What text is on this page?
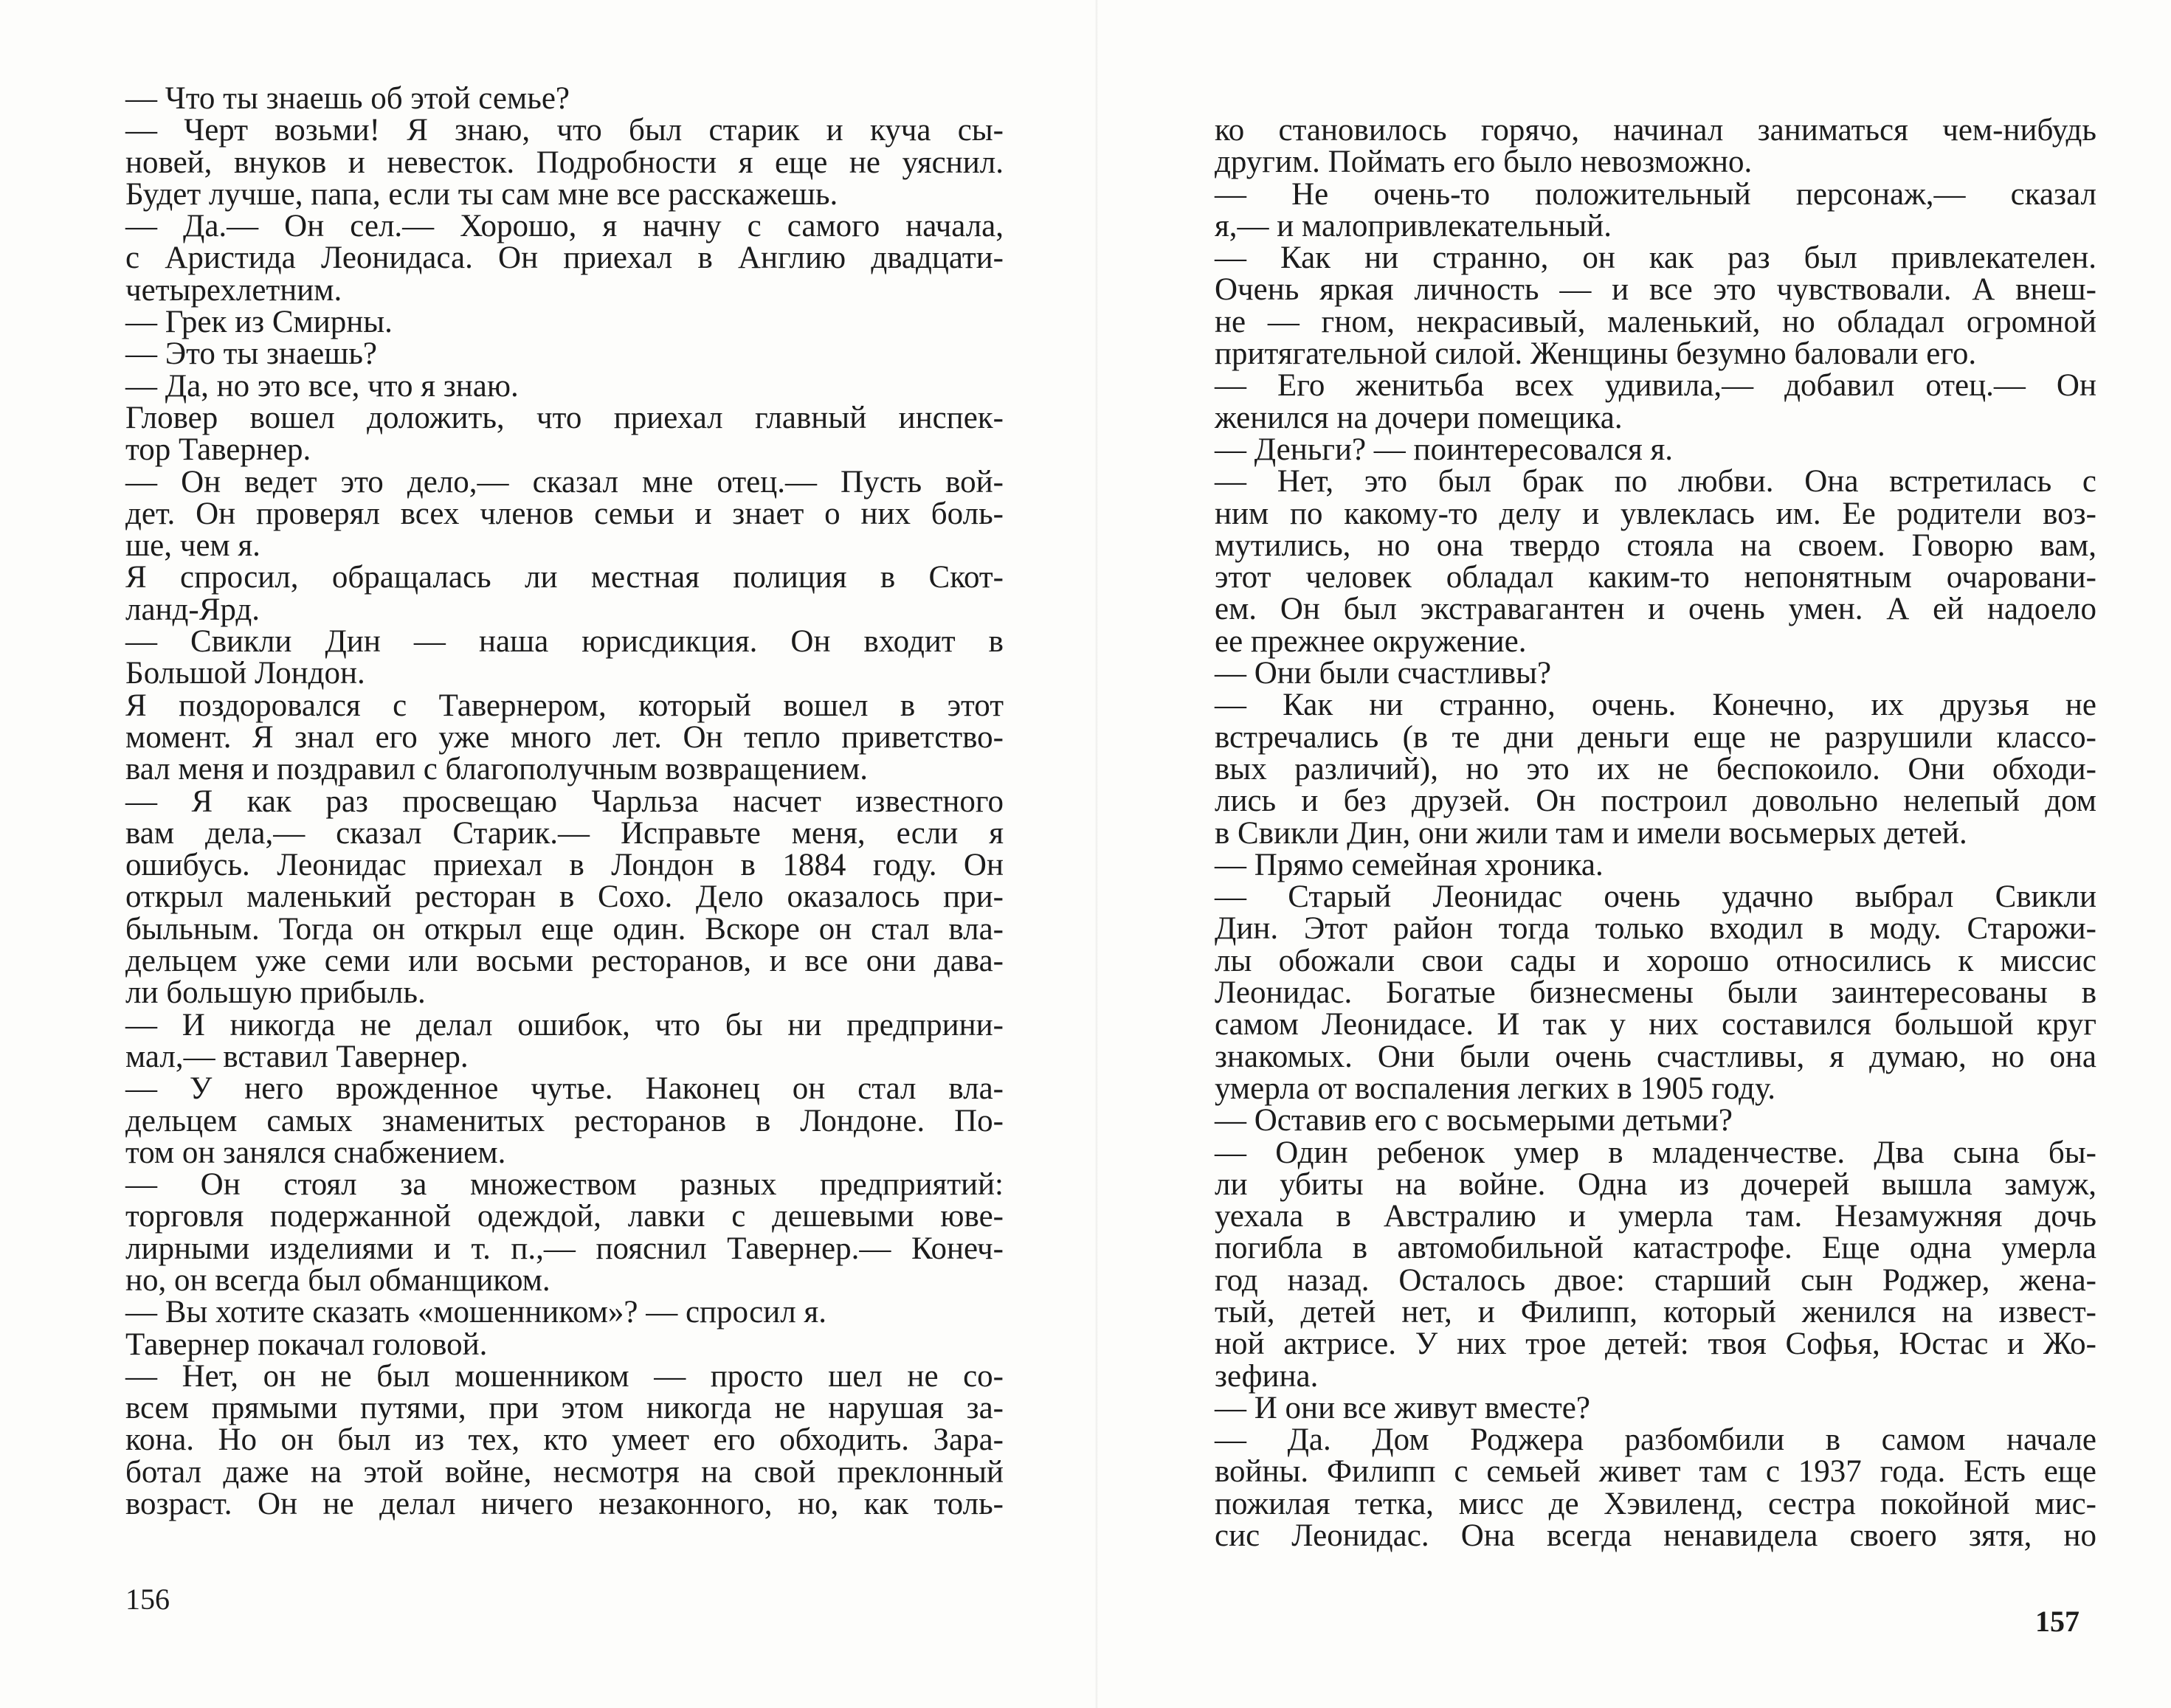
— Что ты знаешь об этой семье?
— Черт возьми! Я знаю, что был старик и куча сы-
новей, внуков и невесток. Подробности я еще не уяснил.
Будет лучше, папа, если ты сам мне все расскажешь.
— Да.— Он сел.— Хорошо, я начну с самого начала,
с Аристида Леонидаса. Он приехал в Англию двадцати-
четырехлетним.
— Грек из Смирны.
— Это ты знаешь?
— Да, но это все, что я знаю.
Гловер вошел доложить, что приехал главный инспек-
тор Тавернер.
— Он ведет это дело,— сказал мне отец.— Пусть вой-
дет. Он проверял всех членов семьи и знает о них боль-
ше, чем я.
Я спросил, обращалась ли местная полиция в Скот-
ланд-Ярд.
— Свикли Дин — наша юрисдикция. Он входит в
Большой Лондон.
Я поздоровался с Тавернером, который вошел в этот
момент. Я знал его уже много лет. Он тепло приветство-
вал меня и поздравил с благополучным возвращением.
— Я как раз просвещаю Чарльза насчет известного
вам дела,— сказал Старик.— Исправьте меня, если я
ошибусь. Леонидас приехал в Лондон в 1884 году. Он
открыл маленький ресторан в Сохо. Дело оказалось при-
быльным. Тогда он открыл еще один. Вскоре он стал вла-
дельцем уже семи или восьми ресторанов, и все они дава-
ли большую прибыль.
— И никогда не делал ошибок, что бы ни предприни-
мал,— вставил Тавернер.
— У него врожденное чутье. Наконец он стал вла-
дельцем самых знаменитых ресторанов в Лондоне. По-
том он занялся снабжением.
— Он стоял за множеством разных предприятий:
торговля подержанной одеждой, лавки с дешевыми юве-
лирными изделиями и т. п.,— пояснил Тавернер.— Конеч-
но, он всегда был обманщиком.
— Вы хотите сказать «мошенником»? — спросил я.
Тавернер покачал головой.
— Нет, он не был мошенником — просто шел не со-
всем прямыми путями, при этом никогда не нарушая за-
кона. Но он был из тех, кто умеет его обходить. Зара-
ботал даже на этой войне, несмотря на свой преклонный
возраст. Он не делал ничего незаконного, но, как толь-
156
ко становилось горячо, начинал заниматься чем-нибудь
другим. Поймать его было невозможно.
— Не очень-то положительный персонаж,— сказал
я,— и малопривлекательный.
— Как ни странно, он как раз был привлекателен.
Очень яркая личность — и все это чувствовали. А внеш-
не — гном, некрасивый, маленький, но обладал огромной
притягательной силой. Женщины безумно баловали его.
— Его женитьба всех удивила,— добавил отец.— Он
женился на дочери помещика.
— Деньги? — поинтересовался я.
— Нет, это был брак по любви. Она встретилась с
ним по какому-то делу и увлеклась им. Ее родители воз-
мутились, но она твердо стояла на своем. Говорю вам,
этот человек обладал каким-то непонятным очаровани-
ем. Он был экстравагантен и очень умен. А ей надоело
ее прежнее окружение.
— Они были счастливы?
— Как ни странно, очень. Конечно, их друзья не
встречались (в те дни деньги еще не разрушили классо-
вых различий), но это их не беспокоило. Они обходи-
лись и без друзей. Он построил довольно нелепый дом
в Свикли Дин, они жили там и имели восьмерых детей.
— Прямо семейная хроника.
— Старый Леонидас очень удачно выбрал Свикли
Дин. Этот район тогда только входил в моду. Старожи-
лы обожали свои сады и хорошо относились к миссис
Леонидас. Богатые бизнесмены были заинтересованы в
самом Леонидасе. И так у них составился большой круг
знакомых. Они были очень счастливы, я думаю, но она
умерла от воспаления легких в 1905 году.
— Оставив его с восьмерыми детьми?
— Один ребенок умер в младенчестве. Два сына бы-
ли убиты на войне. Одна из дочерей вышла замуж,
уехала в Австралию и умерла там. Незамужняя дочь
погибла в автомобильной катастрофе. Еще одна умерла
год назад. Осталось двое: старший сын Роджер, жена-
тый, детей нет, и Филипп, который женился на извест-
ной актрисе. У них трое детей: твоя Софья, Юстас и Жо-
зефина.
— И они все живут вместе?
— Да. Дом Роджера разбомбили в самом начале
войны. Филипп с семьей живет там с 1937 года. Есть еще
пожилая тетка, мисс де Хэвиленд, сестра покойной мис-
сис Леонидас. Она всегда ненавидела своего зятя, но
157
